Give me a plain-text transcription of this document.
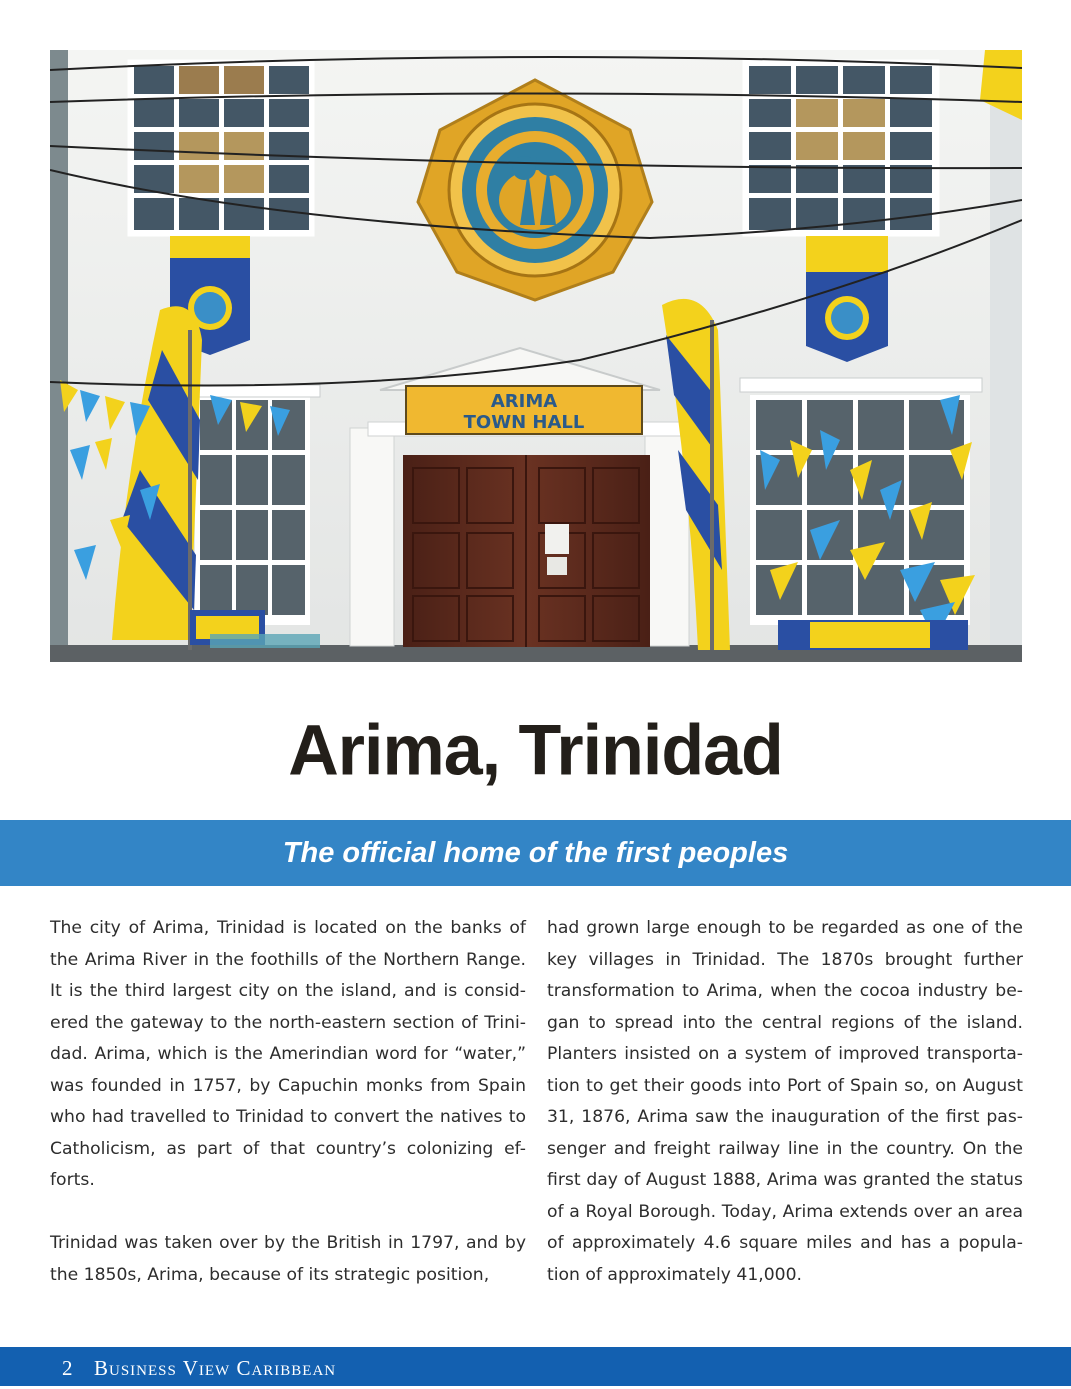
ARIMA
TOWN HALL
Arima, Trinidad
The official home of the first peoples

The city of Arima, Trinidad is located on the banks of the Arima River in the foothills of the Northern Range. It is the third largest city on the island, and is consid-ered the gateway to the north-eastern section of Trini-dad. Arima, which is the Amerindian word for “water,” was founded in 1757, by Capuchin monks from Spain who had travelled to Trinidad to convert the natives to Catholicism, as part of that country’s colonizing ef-forts.

Trinidad was taken over by the British in 1797, and by the 1850s, Arima, because of its strategic position,

had grown large enough to be regarded as one of the key villages in Trinidad. The 1870s brought further transformation to Arima, when the cocoa industry be-gan to spread into the central regions of the island. Planters insisted on a system of improved transporta-tion to get their goods into Port of Spain so, on August 31, 1876, Arima saw the inauguration of the first pas-senger and freight railway line in the country. On the first day of August 1888, Arima was granted the status of a Royal Borough. Today, Arima extends over an area of approximately 4.6 square miles and has a popula-tion of approximately 41,000.

2 Business View Caribbean
